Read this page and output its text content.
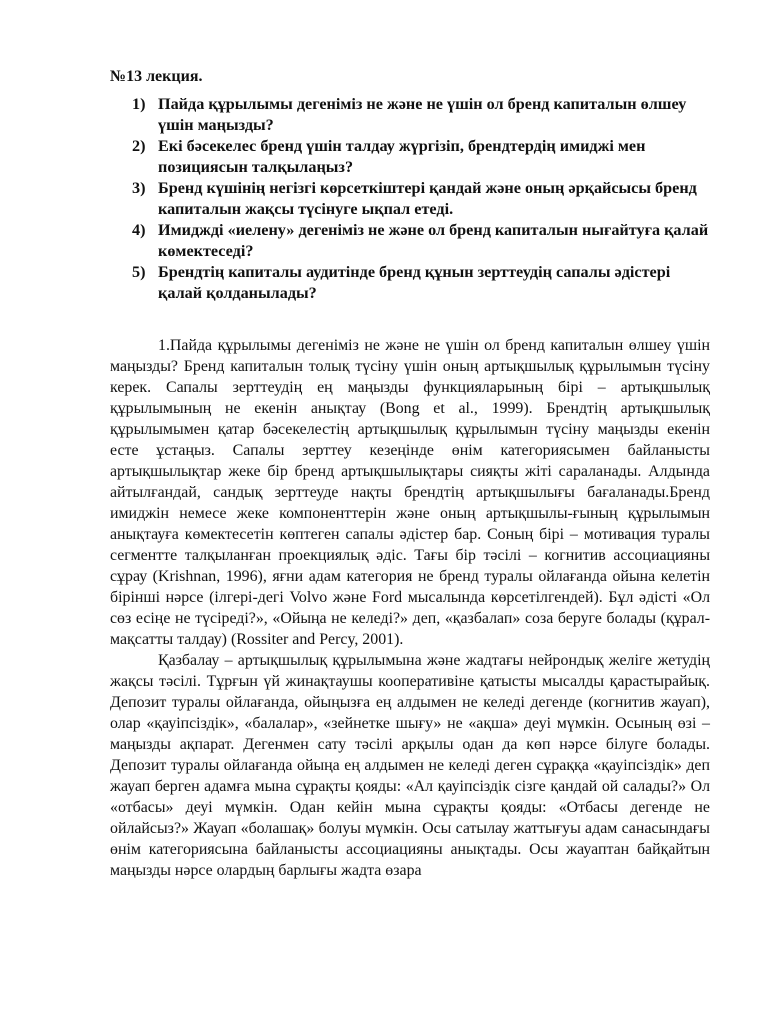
№13 лекция.
1) Пайда құрылымы дегеніміз не және не үшін ол бренд капиталын өлшеу үшін маңызды?
2) Екі бәсекелес бренд үшін талдау жүргізіп, брендтердің имиджі мен позициясын талқылаңыз?
3) Бренд күшінің негізгі көрсеткіштері қандай және оның әрқайсысы бренд капиталын жақсы түсінуге ықпал етеді.
4) Имиджді «иелену» дегеніміз не және ол бренд капиталын нығайтуға қалай көмектеседі?
5) Брендтің капиталы аудитінде бренд құнын зерттеудің сапалы әдістері қалай қолданылады?

1.Пайда құрылымы дегеніміз не және не үшін ол бренд капиталын өлшеу үшін маңызды? Бренд капиталын толық түсіну үшін оның артықшылық құрылымын түсіну керек. Сапалы зерттеудің ең маңызды функцияларының бірі – артықшылық құрылымының не екенін анықтау (Bong et al., 1999). Брендтің артықшылық құрылымымен қатар бәсекелестің артықшылық құрылымын түсіну маңызды екенін есте ұстаңыз. Сапалы зерттеу кезеңінде өнім категориясымен байланысты артықшылықтар жеке бір бренд артықшылықтары сияқты жіті сараланады. Алдында айтылғандай, сандық зерттеуде нақты брендтің артықшылығы бағаланады.Бренд имиджін немесе жеке компоненттерін және оның артықшылы-ғының құрылымын анықтауға көмектесетін көптеген сапалы әдістер бар. Соның бірі – мотивация туралы сегментте талқыланған проекциялық әдіс. Тағы бір тәсілі – когнитив ассоциацияны сұрау (Krishnan, 1996), яғни адам категория не бренд туралы ойлағанда ойына келетін бірінші нәрсе (ілгері-дегі Volvo және Ford мысалында көрсетілгендей). Бұл әдісті «Ол сөз есіңе не түсіреді?», «Ойыңа не келеді?» деп, «қазбалап» соза беруге болады (құрал-мақсатты талдау) (Rossiter and Percy, 2001).

Қазбалау – артықшылық құрылымына және жадтағы нейрондық желіге жетудің жақсы тәсілі. Тұрғын үй жинақтаушы кооперативіне қатысты мысалды қарастырайық. Депозит туралы ойлағанда, ойыңызға ең алдымен не келеді дегенде (когнитив жауап), олар «қауіпсіздік», «балалар», «зейнетке шығу» не «ақша» деуі мүмкін. Осының өзі – маңызды ақпарат. Дегенмен сату тәсілі арқылы одан да көп нәрсе білуге болады. Депозит туралы ойлағанда ойыңа ең алдымен не келеді деген сұраққа «қауіпсіздік» деп жауап берген адамға мына сұрақты қояды: «Ал қауіпсіздік сізге қандай ой салады?» Ол «отбасы» деуі мүмкін. Одан кейін мына сұрақты қояды: «Отбасы дегенде не ойлайсыз?» Жауап «болашақ» болуы мүмкін. Осы сатылау жаттығуы адам санасындағы өнім категориясына байланысты ассоциацияны анықтады. Осы жауаптан байқайтын маңызды нәрсе олардың барлығы жадта өзара
